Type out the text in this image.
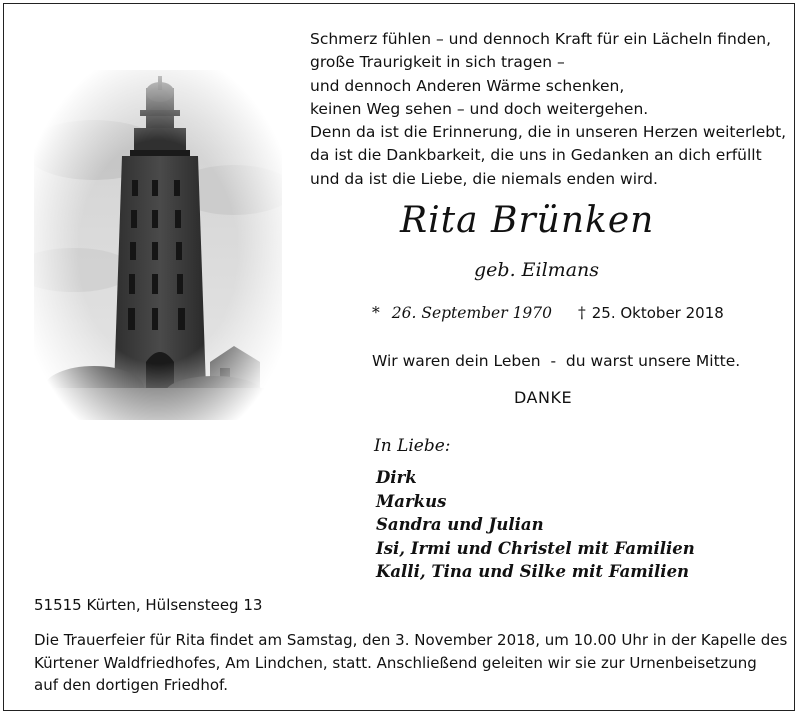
Schmerz fühlen – und dennoch Kraft für ein Lächeln finden,
große Traurigkeit in sich tragen –
und dennoch Anderen Wärme schenken,
keinen Weg sehen – und doch weitergehen.
Denn da ist die Erinnerung, die in unseren Herzen weiterlebt,
da ist die Dankbarkeit, die uns in Gedanken an dich erfüllt
und da ist die Liebe, die niemals enden wird.
Rita Brünken
geb. Eilmans
* 26. September 1970 † 25. Oktober 2018
Wir waren dein Leben  -  du warst unsere Mitte.
DANKE
In Liebe:
Dirk
Markus
Sandra und Julian
Isi, Irmi und Christel mit Familien
Kalli, Tina und Silke mit Familien
51515 Kürten, Hülsensteeg 13
Die Trauerfeier für Rita findet am Samstag, den 3. November 2018, um 10.00 Uhr in der Kapelle des
Kürtener Waldfriedhofes, Am Lindchen, statt. Anschließend geleiten wir sie zur Urnenbeisetzung
auf den dortigen Friedhof.
